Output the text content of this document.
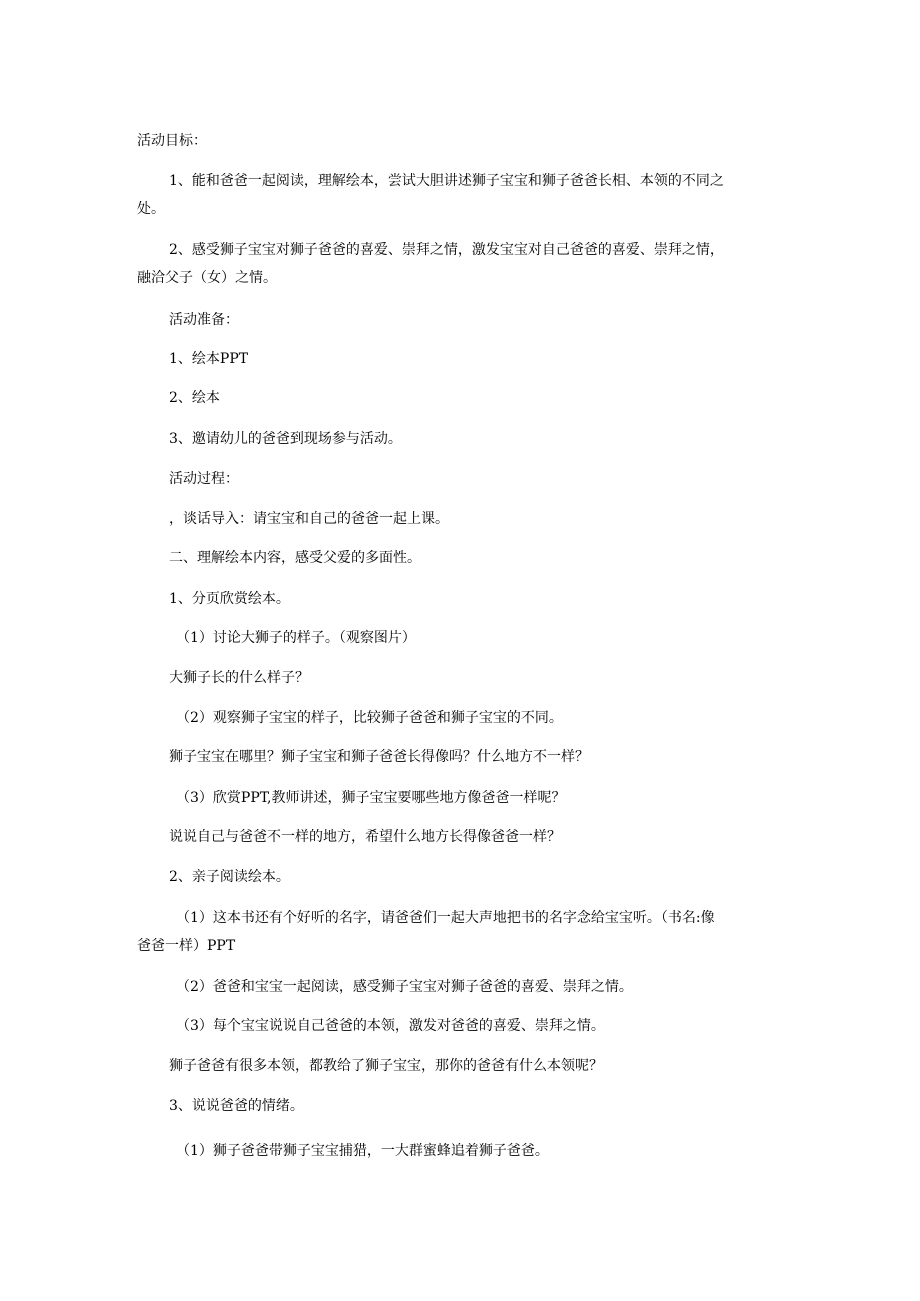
活动目标：
1、能和爸爸一起阅读，理解绘本，尝试大胆讲述狮子宝宝和狮子爸爸长相、本领的不同之
处。
2、感受狮子宝宝对狮子爸爸的喜爱、崇拜之情，激发宝宝对自己爸爸的喜爱、崇拜之情，
融洽父子（女）之情。
活动准备：
1、绘本PPT
2、绘本
3、邀请幼儿的爸爸到现场参与活动。
活动过程：
，谈话导入：请宝宝和自己的爸爸一起上课。
二、理解绘本内容，感受父爱的多面性。
1、分页欣赏绘本。
（1）讨论大狮子的样子。（观察图片）
大狮子长的什么样子？
（2）观察狮子宝宝的样子，比较狮子爸爸和狮子宝宝的不同。
狮子宝宝在哪里？狮子宝宝和狮子爸爸长得像吗？什么地方不一样？
（3）欣赏PPT,教师讲述，狮子宝宝要哪些地方像爸爸一样呢？
说说自己与爸爸不一样的地方，希望什么地方长得像爸爸一样？
2、亲子阅读绘本。
（1）这本书还有个好听的名字，请爸爸们一起大声地把书的名字念给宝宝听。（书名:像
爸爸一样）PPT
（2）爸爸和宝宝一起阅读，感受狮子宝宝对狮子爸爸的喜爱、崇拜之情。
（3）每个宝宝说说自己爸爸的本领，激发对爸爸的喜爱、崇拜之情。
狮子爸爸有很多本领，都教给了狮子宝宝，那你的爸爸有什么本领呢？
3、说说爸爸的情绪。
（1）狮子爸爸带狮子宝宝捕猎，一大群蜜蜂追着狮子爸爸。
